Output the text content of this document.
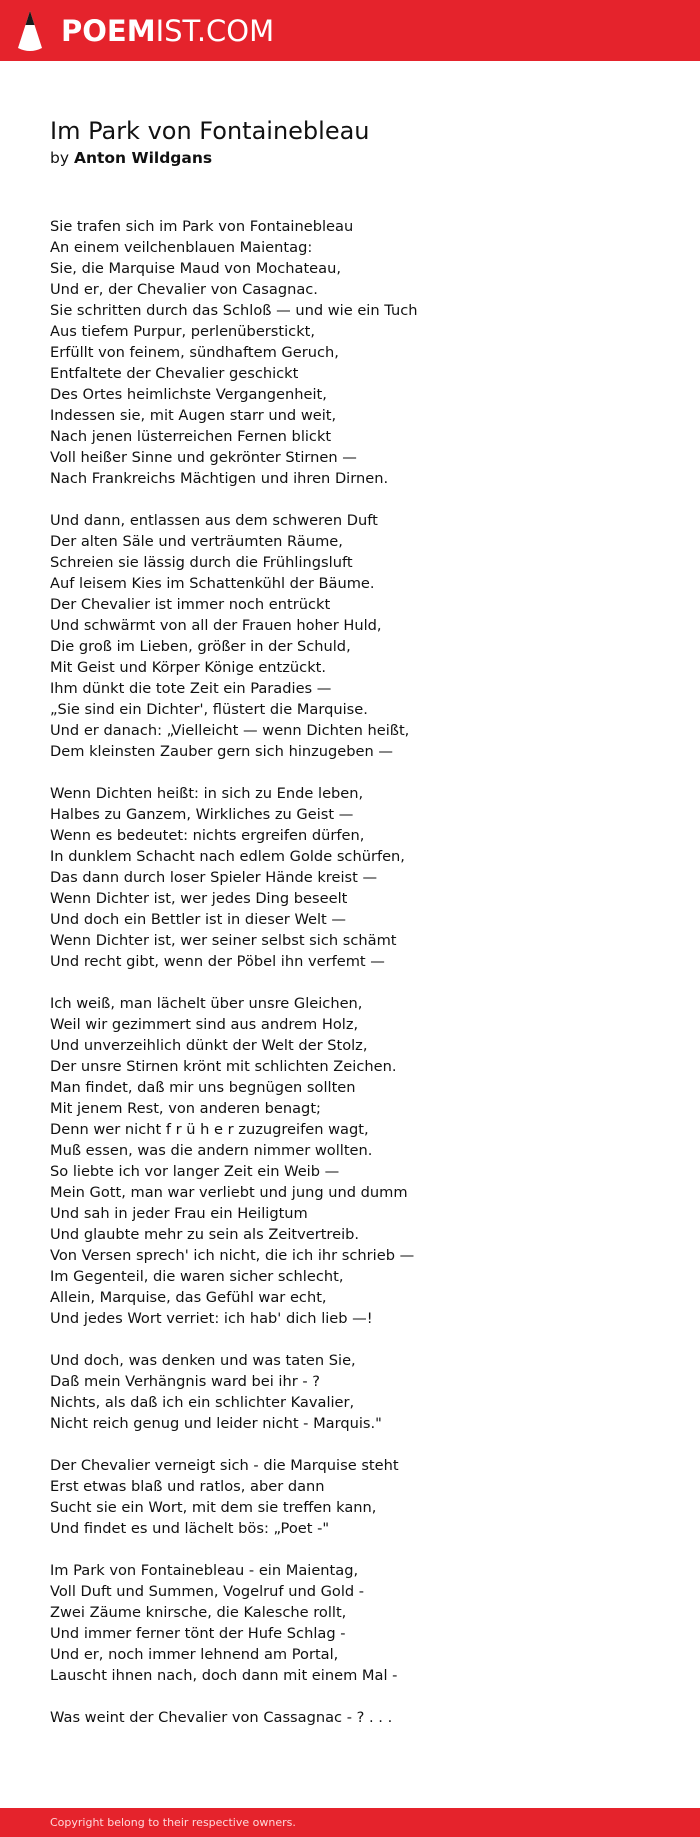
POEMIST.COM
Im Park von Fontainebleau
by Anton Wildgans
Sie trafen sich im Park von Fontainebleau
An einem veilchenblauen Maientag:
Sie, die Marquise Maud von Mochateau,
Und er, der Chevalier von Casagnac.
Sie schritten durch das Schloß — und wie ein Tuch
Aus tiefem Purpur, perlenüberstickt,
Erfüllt von feinem, sündhaftem Geruch,
Entfaltete der Chevalier geschickt
Des Ortes heimlichste Vergangenheit,
Indessen sie, mit Augen starr und weit,
Nach jenen lüsterreichen Fernen blickt
Voll heißer Sinne und gekrönter Stirnen —
Nach Frankreichs Mächtigen und ihren Dirnen.
Und dann, entlassen aus dem schweren Duft
Der alten Säle und verträumten Räume,
Schreien sie lässig durch die Frühlingsluft
Auf leisem Kies im Schattenkühl der Bäume.
Der Chevalier ist immer noch entrückt
Und schwärmt von all der Frauen hoher Huld,
Die groß im Lieben, größer in der Schuld,
Mit Geist und Körper Könige entzückt.
Ihm dünkt die tote Zeit ein Paradies —
„Sie sind ein Dichter', flüstert die Marquise.
Und er danach: „Vielleicht — wenn Dichten heißt,
Dem kleinsten Zauber gern sich hinzugeben —
Wenn Dichten heißt: in sich zu Ende leben,
Halbes zu Ganzem, Wirkliches zu Geist —
Wenn es bedeutet: nichts ergreifen dürfen,
In dunklem Schacht nach edlem Golde schürfen,
Das dann durch loser Spieler Hände kreist —
Wenn Dichter ist, wer jedes Ding beseelt
Und doch ein Bettler ist in dieser Welt —
Wenn Dichter ist, wer seiner selbst sich schämt
Und recht gibt, wenn der Pöbel ihn verfemt —
Ich weiß, man lächelt über unsre Gleichen,
Weil wir gezimmert sind aus andrem Holz,
Und unverzeihlich dünkt der Welt der Stolz,
Der unsre Stirnen krönt mit schlichten Zeichen.
Man findet, daß mir uns begnügen sollten
Mit jenem Rest, von anderen benagt;
Denn wer nicht f r ü h e r zuzugreifen wagt,
Muß essen, was die andern nimmer wollten.
So liebte ich vor langer Zeit ein Weib —
Mein Gott, man war verliebt und jung und dumm
Und sah in jeder Frau ein Heiligtum
Und glaubte mehr zu sein als Zeitvertreib.
Von Versen sprech' ich nicht, die ich ihr schrieb —
Im Gegenteil, die waren sicher schlecht,
Allein, Marquise, das Gefühl war echt,
Und jedes Wort verriet: ich hab' dich lieb —!
Und doch, was denken und was taten Sie,
Daß mein Verhängnis ward bei ihr - ?
Nichts, als daß ich ein schlichter Kavalier,
Nicht reich genug und leider nicht - Marquis."
Der Chevalier verneigt sich - die Marquise steht
Erst etwas blaß und ratlos, aber dann
Sucht sie ein Wort, mit dem sie treffen kann,
Und findet es und lächelt bös: „Poet -"
Im Park von Fontainebleau - ein Maientag,
Voll Duft und Summen, Vogelruf und Gold -
Zwei Zäume knirsche, die Kalesche rollt,
Und immer ferner tönt der Hufe Schlag -
Und er, noch immer lehnend am Portal,
Lauscht ihnen nach, doch dann mit einem Mal -
Was weint der Chevalier von Cassagnac - ? . . .
Copyright belong to their respective owners.
